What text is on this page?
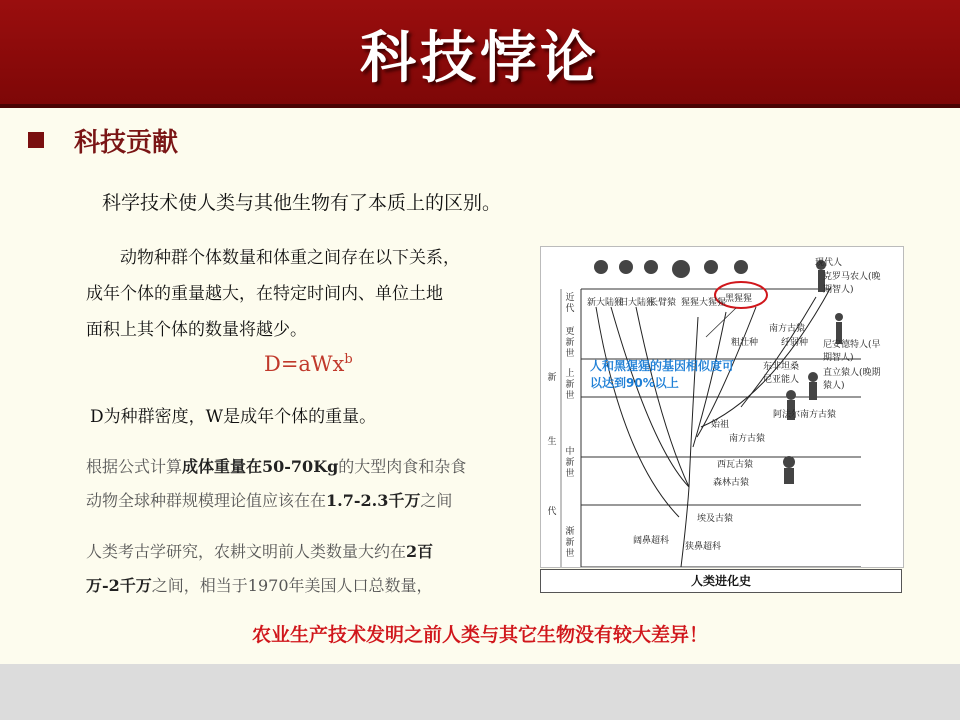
科技悖论
科技贡献
科学技术使人类与其他生物有了本质上的区别。
动物种群个体数量和体重之间存在以下关系，
成年个体的重量越大，在特定时间内、单位土地
面积上其个体的数量将越少。
D=aWx$^b$
D为种群密度，W是成年个体的重量。
根据公式计算成体重量在50-70Kg的大型肉食和杂食
动物全球种群规模理论值应该在在1.7-2.3千万之间
人类考古学研究，农耕文明前人类数量大约在2百
万-2千万之间，相当于1970年美国人口总数量，
近代
更新世
上新世
中新世
渐新世
新
生
代
现代人
克罗马农人(晚期智人)
新大陆猴
旧大陆猴
长臂猿 猩猩大猩猩
黑猩猩
南方古猿
粗壮种	纤弱种 尼安德特人(早期智人)
东非坦桑尼亚能人
直立猿人(晚期猿人)
阿法尔南方古猿
始祖
南方古猿
西瓦古猿
森林古猿
埃及古猿
阔鼻超科
狭鼻超科
人和黑猩猩的基因相似度可以达到90%以上
人类进化史
农业生产技术发明之前人类与其它生物没有较大差异！
